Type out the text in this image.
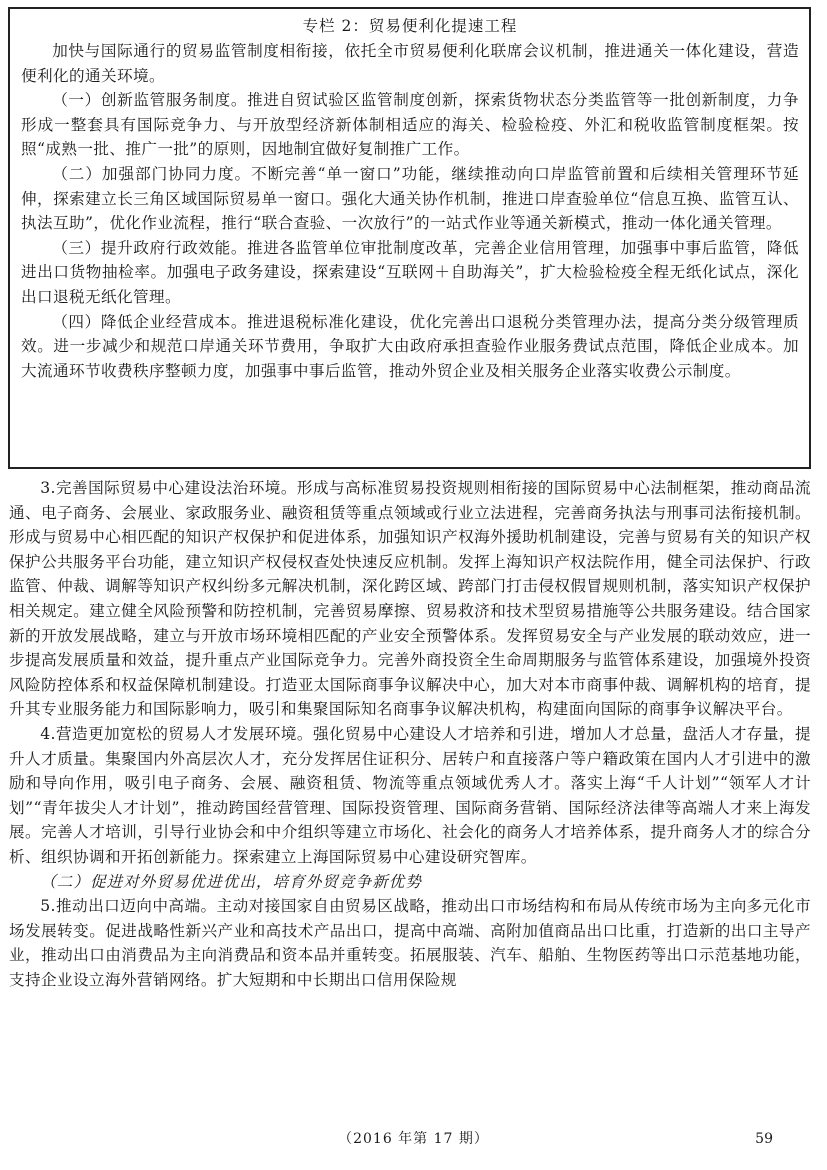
专栏 2：贸易便利化提速工程

加快与国际通行的贸易监管制度相衔接，依托全市贸易便利化联席会议机制，推进通关一体化建设，营造便利化的通关环境。

（一）创新监管服务制度。推进自贸试验区监管制度创新，探索货物状态分类监管等一批创新制度，力争形成一整套具有国际竞争力、与开放型经济新体制相适应的海关、检验检疫、外汇和税收监管制度框架。按照“成熟一批、推广一批”的原则，因地制宜做好复制推广工作。

（二）加强部门协同力度。不断完善“单一窗口”功能，继续推动向口岸监管前置和后续相关管理环节延伸，探索建立长三角区域国际贸易单一窗口。强化大通关协作机制，推进口岸查验单位“信息互换、监管互认、执法互助”，优化作业流程，推行“联合查验、一次放行”的一站式作业等通关新模式，推动一体化通关管理。

（三）提升政府行政效能。推进各监管单位审批制度改革，完善企业信用管理，加强事中事后监管，降低进出口货物抽检率。加强电子政务建设，探索建设“互联网＋自助海关”，扩大检验检疫全程无纸化试点，深化出口退税无纸化管理。

（四）降低企业经营成本。推进退税标准化建设，优化完善出口退税分类管理办法，提高分类分级管理质效。进一步减少和规范口岸通关环节费用，争取扩大由政府承担查验作业服务费试点范围，降低企业成本。加大流通环节收费秩序整顿力度，加强事中事后监管，推动外贸企业及相关服务企业落实收费公示制度。

3.完善国际贸易中心建设法治环境。形成与高标准贸易投资规则相衔接的国际贸易中心法制框架，推动商品流通、电子商务、会展业、家政服务业、融资租赁等重点领域或行业立法进程，完善商务执法与刑事司法衔接机制。形成与贸易中心相匹配的知识产权保护和促进体系，加强知识产权海外援助机制建设，完善与贸易有关的知识产权保护公共服务平台功能，建立知识产权侵权查处快速反应机制。发挥上海知识产权法院作用，健全司法保护、行政监管、仲裁、调解等知识产权纠纷多元解决机制，深化跨区域、跨部门打击侵权假冒规则机制，落实知识产权保护相关规定。建立健全风险预警和防控机制，完善贸易摩擦、贸易救济和技术型贸易措施等公共服务建设。结合国家新的开放发展战略，建立与开放市场环境相匹配的产业安全预警体系。发挥贸易安全与产业发展的联动效应，进一步提高发展质量和效益，提升重点产业国际竞争力。完善外商投资全生命周期服务与监管体系建设，加强境外投资风险防控体系和权益保障机制建设。打造亚太国际商事争议解决中心，加大对本市商事仲裁、调解机构的培育，提升其专业服务能力和国际影响力，吸引和集聚国际知名商事争议解决机构，构建面向国际的商事争议解决平台。

4.营造更加宽松的贸易人才发展环境。强化贸易中心建设人才培养和引进，增加人才总量，盘活人才存量，提升人才质量。集聚国内外高层次人才，充分发挥居住证积分、居转户和直接落户等户籍政策在国内人才引进中的激励和导向作用，吸引电子商务、会展、融资租赁、物流等重点领域优秀人才。落实上海“千人计划”“领军人才计划”“青年拔尖人才计划”，推动跨国经营管理、国际投资管理、国际商务营销、国际经济法律等高端人才来上海发展。完善人才培训，引导行业协会和中介组织等建立市场化、社会化的商务人才培养体系，提升商务人才的综合分析、组织协调和开拓创新能力。探索建立上海国际贸易中心建设研究智库。

（二）促进对外贸易优进优出，培育外贸竞争新优势

5.推动出口迈向中高端。主动对接国家自由贸易区战略，推动出口市场结构和布局从传统市场为主向多元化市场发展转变。促进战略性新兴产业和高技术产品出口，提高中高端、高附加值商品出口比重，打造新的出口主导产业，推动出口由消费品为主向消费品和资本品并重转变。拓展服装、汽车、船舶、生物医药等出口示范基地功能，支持企业设立海外营销网络。扩大短期和中长期出口信用保险规

（2016 年第 17 期）	59
